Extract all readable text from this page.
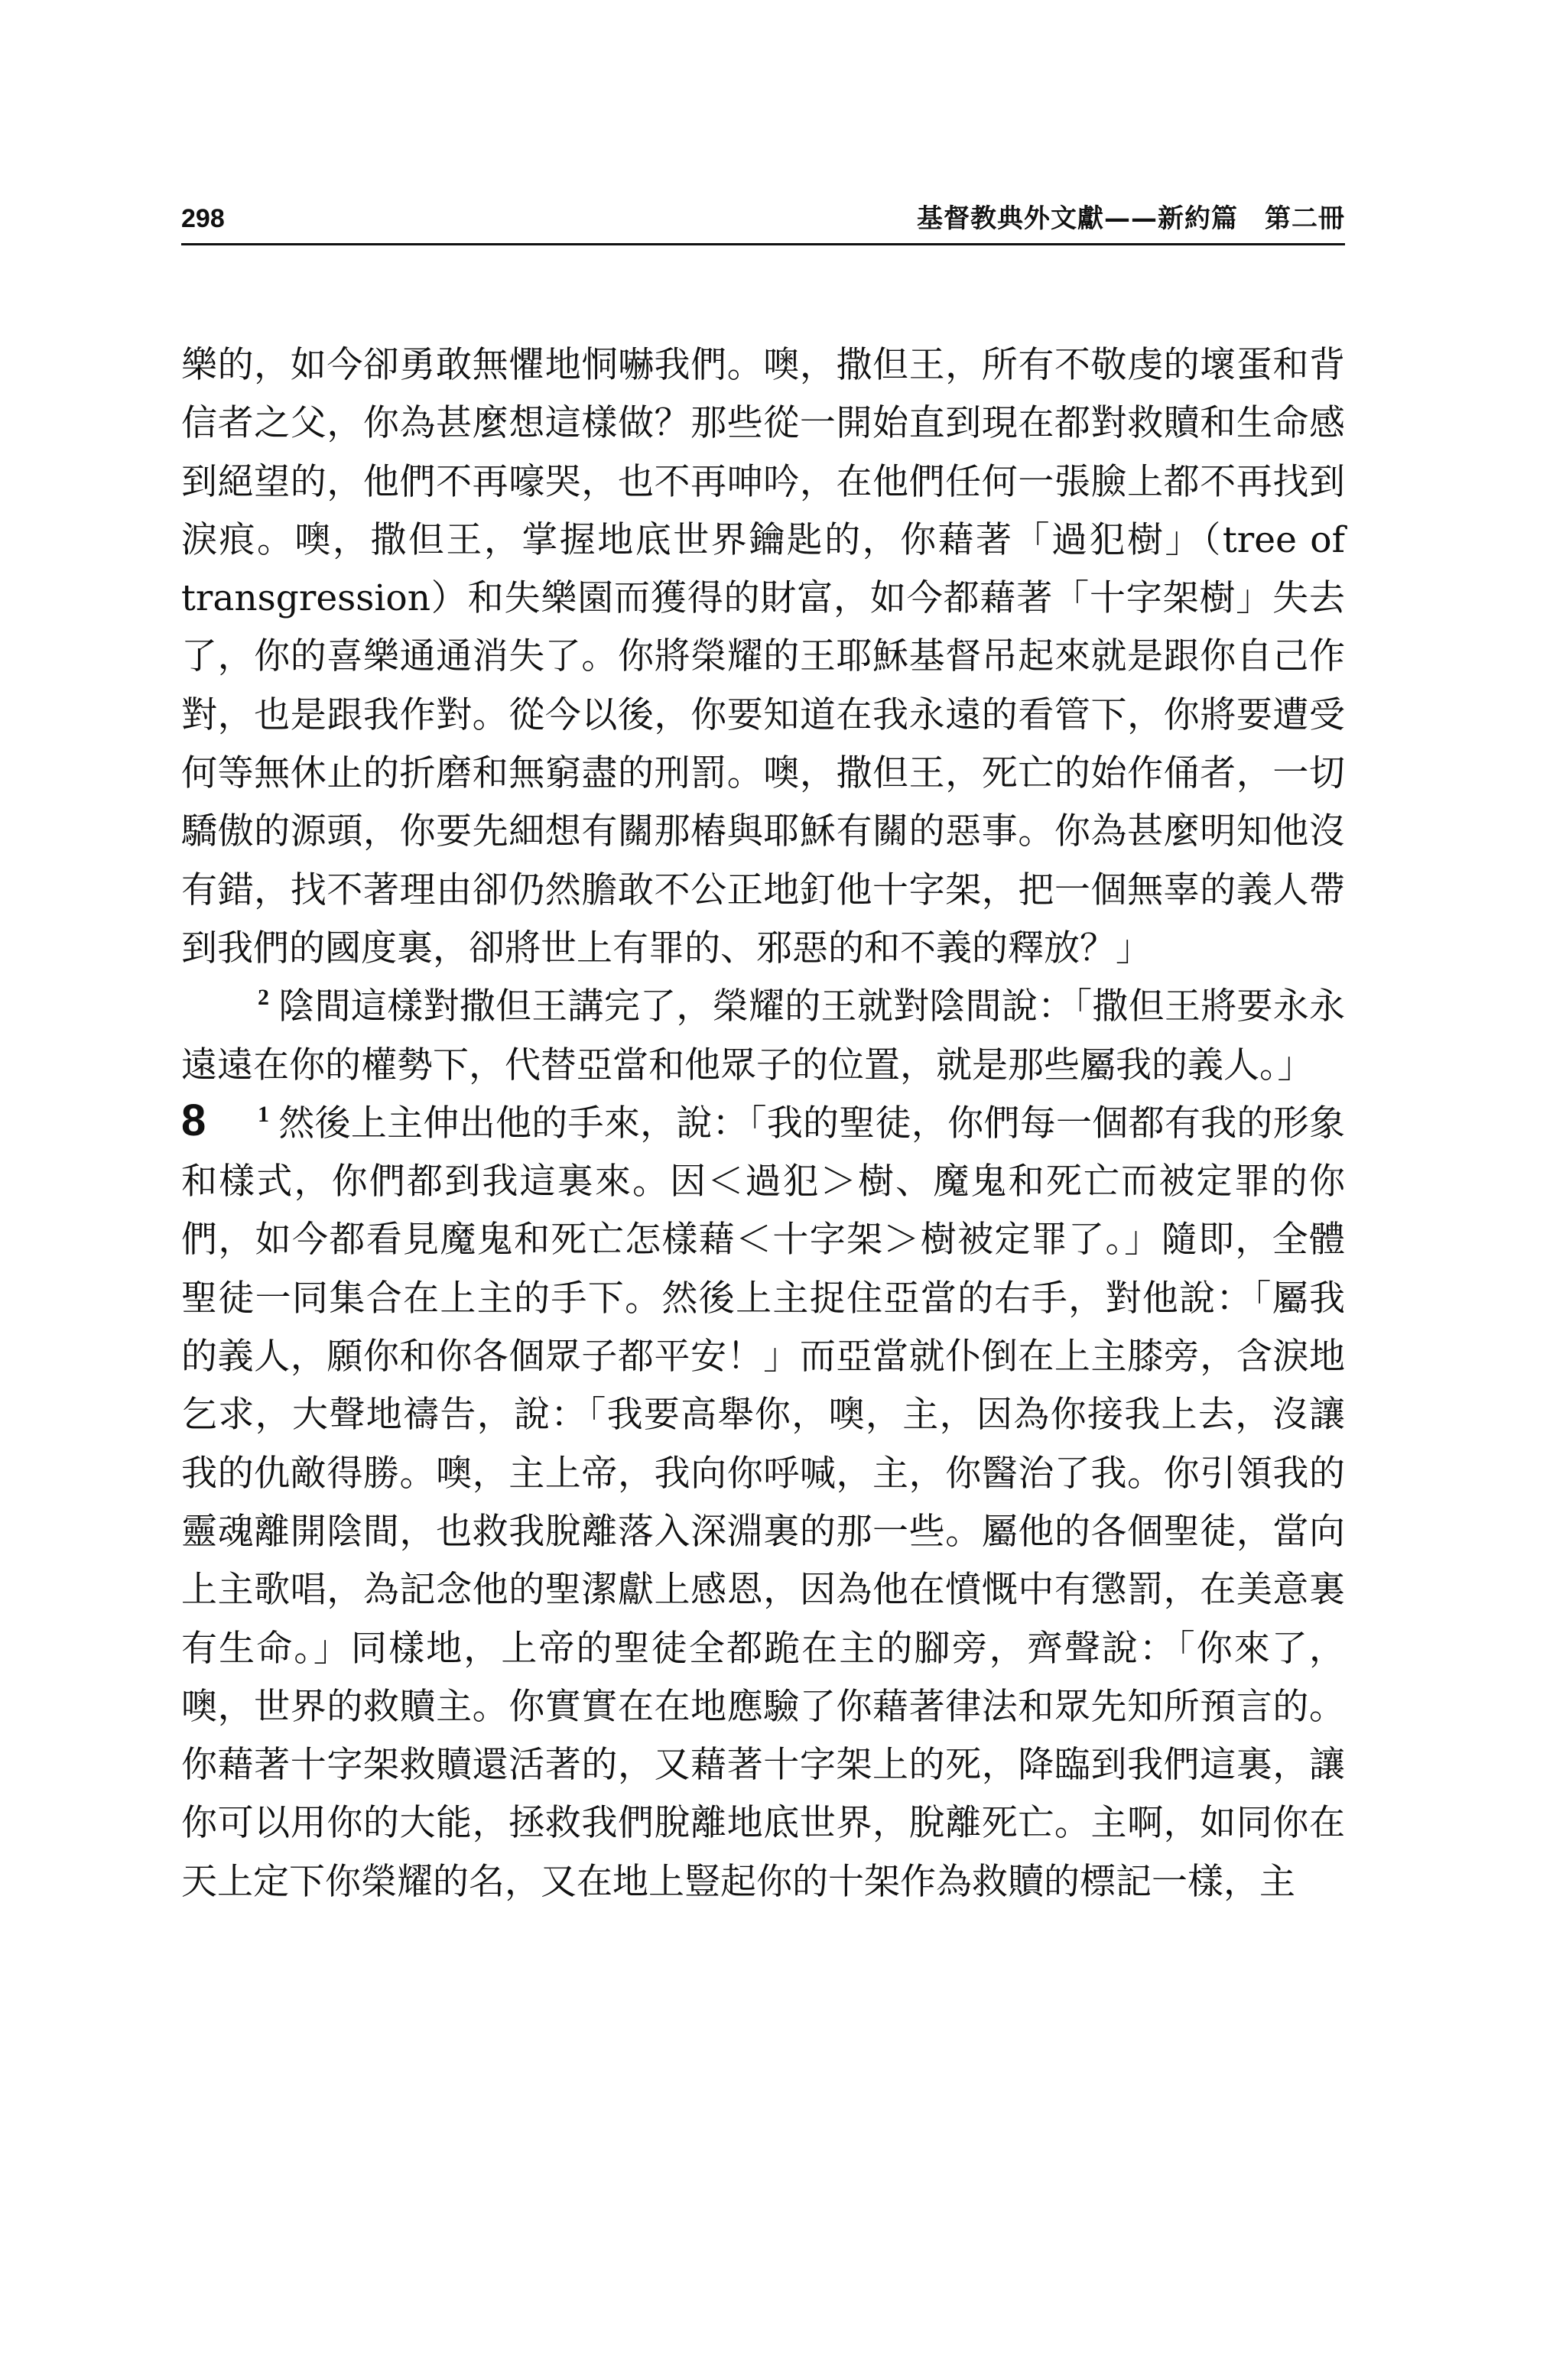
298	基督教典外文獻——新約篇　第二冊

樂的，如今卻勇敢無懼地恫嚇我們。噢，撒但王，所有不敬虔的壞蛋和背信者之父，你為甚麼想這樣做？那些從一開始直到現在都對救贖和生命感到絕望的，他們不再嚎哭，也不再呻吟，在他們任何一張臉上都不再找到淚痕。噢，撒但王，掌握地底世界鑰匙的，你藉著「過犯樹」（tree of transgression）和失樂園而獲得的財富，如今都藉著「十字架樹」失去了，你的喜樂通通消失了。你將榮耀的王耶穌基督吊起來就是跟你自己作對，也是跟我作對。從今以後，你要知道在我永遠的看管下，你將要遭受何等無休止的折磨和無窮盡的刑罰。噢，撒但王，死亡的始作俑者，一切驕傲的源頭，你要先細想有關那樁與耶穌有關的惡事。你為甚麼明知他沒有錯，找不著理由卻仍然膽敢不公正地釘他十字架，把一個無辜的義人帶到我們的國度裏，卻將世上有罪的、邪惡的和不義的釋放？」

$^2$ 陰間這樣對撒但王講完了，榮耀的王就對陰間說：「撒但王將要永永遠遠在你的權勢下，代替亞當和他眾子的位置，就是那些屬我的義人。」

8 $^1$ 然後上主伸出他的手來，說：「我的聖徒，你們每一個都有我的形象和樣式，你們都到我這裏來。因＜過犯＞樹、魔鬼和死亡而被定罪的你們，如今都看見魔鬼和死亡怎樣藉＜十字架＞樹被定罪了。」隨即，全體聖徒一同集合在上主的手下。然後上主捉住亞當的右手，對他說：「屬我的義人，願你和你各個眾子都平安！」而亞當就仆倒在上主膝旁，含淚地乞求，大聲地禱告，說：「我要高舉你，噢，主，因為你接我上去，沒讓我的仇敵得勝。噢，主上帝，我向你呼喊，主，你醫治了我。你引領我的靈魂離開陰間，也救我脫離落入深淵裏的那一些。屬他的各個聖徒，當向上主歌唱，為記念他的聖潔獻上感恩，因為他在憤慨中有懲罰，在美意裏有生命。」同樣地，上帝的聖徒全都跪在主的腳旁，齊聲說：「你來了，噢，世界的救贖主。你實實在在地應驗了你藉著律法和眾先知所預言的。你藉著十字架救贖還活著的，又藉著十字架上的死，降臨到我們這裏，讓你可以用你的大能，拯救我們脫離地底世界，脫離死亡。主啊，如同你在天上定下你榮耀的名，又在地上豎起你的十架作為救贖的標記一樣，主
